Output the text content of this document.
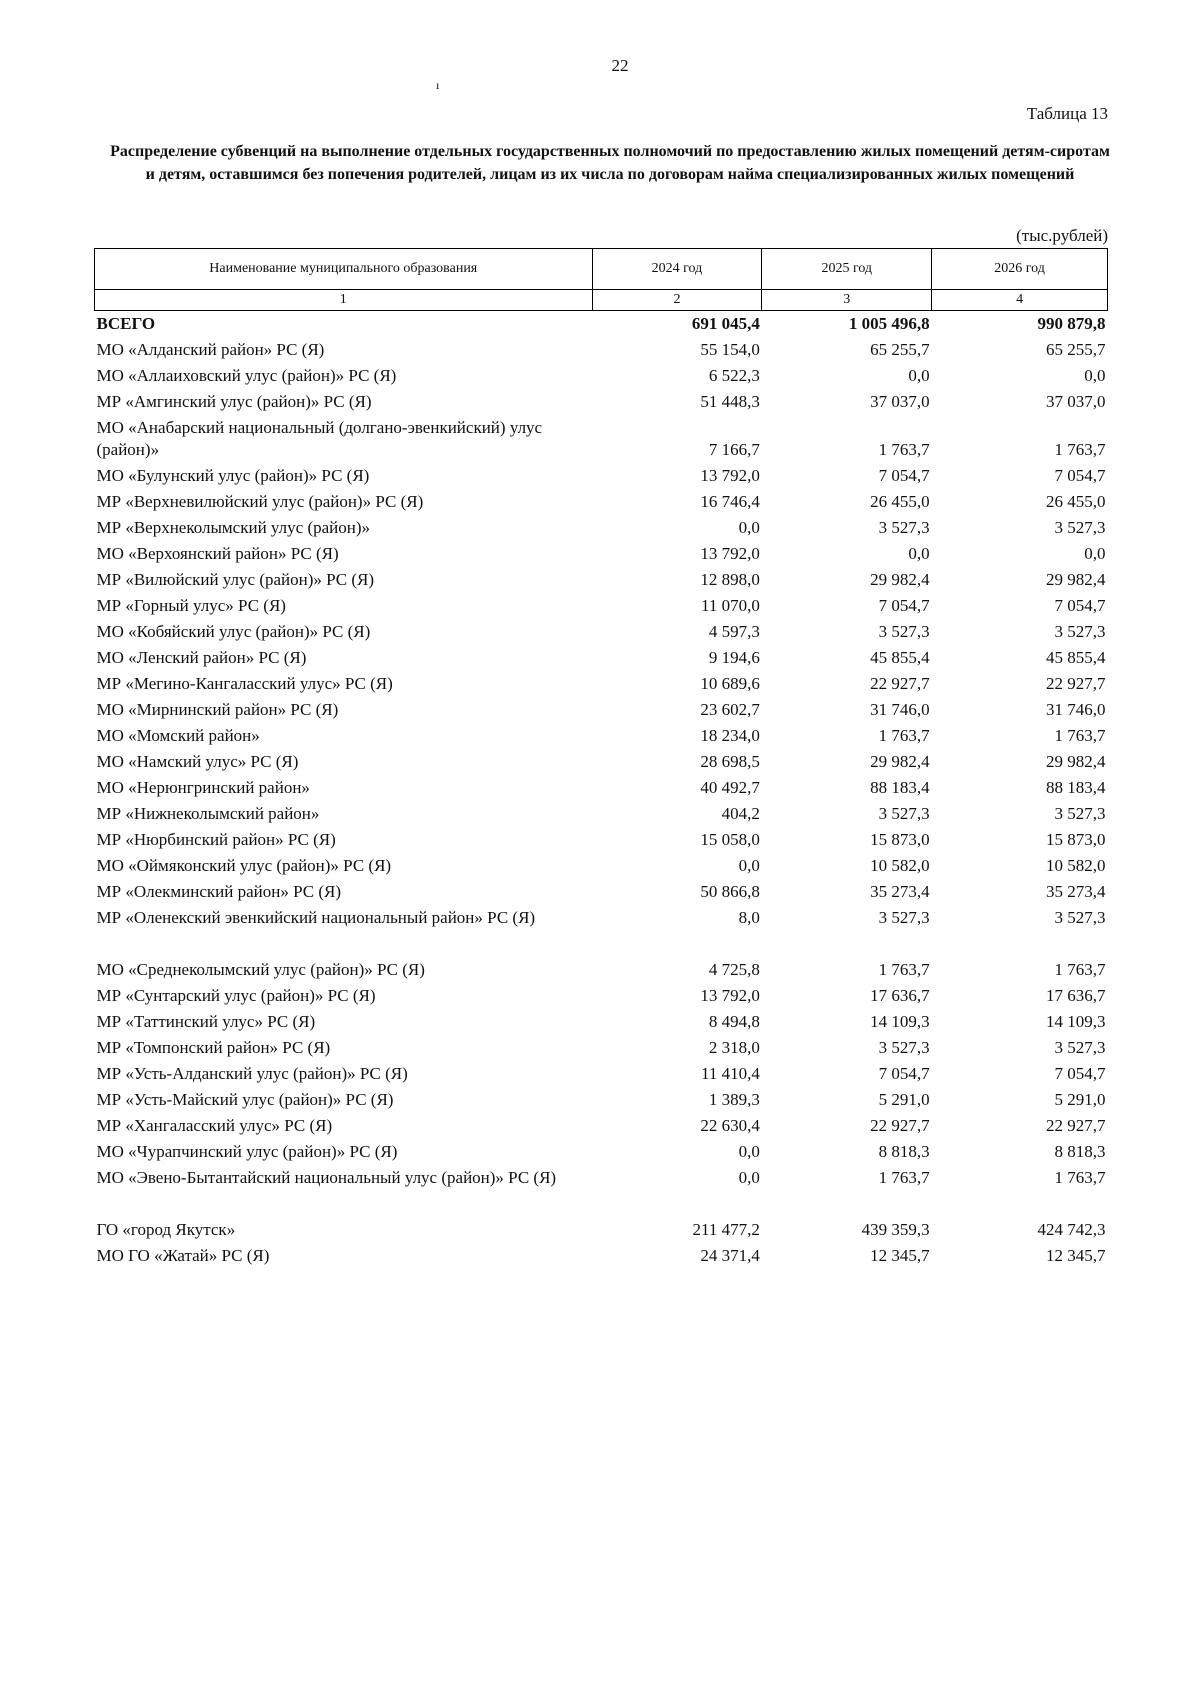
22
ı
Таблица 13
Распределение субвенций на выполнение отдельных государственных полномочий по предоставлению жилых помещений детям-сиротам и детям, оставшимся без попечения родителей, лицам из их числа по договорам найма специализированных жилых помещений
(тыс.рублей)
Наименование муниципального образования	2024 год	2025 год	2026 год
1	2	3	4
ВСЕГО	691 045,4	1 005 496,8	990 879,8
МО «Алданский район» РС (Я)	55 154,0	65 255,7	65 255,7
МО «Аллаиховский улус (район)» РС (Я)	6 522,3	0,0	0,0
МР «Амгинский улус (район)» РС (Я)	51 448,3	37 037,0	37 037,0
МО «Анабарский национальный (долгано-эвенкийский) улус (район)»	7 166,7	1 763,7	1 763,7
МО «Булунский улус (район)» РС (Я)	13 792,0	7 054,7	7 054,7
МР «Верхневилюйский улус (район)» РС (Я)	16 746,4	26 455,0	26 455,0
МР «Верхнеколымский улус (район)»	0,0	3 527,3	3 527,3
МО «Верхоянский район» РС (Я)	13 792,0	0,0	0,0
МР «Вилюйский улус (район)» РС (Я)	12 898,0	29 982,4	29 982,4
МР «Горный улус» РС (Я)	11 070,0	7 054,7	7 054,7
МО «Кобяйский улус (район)» РС (Я)	4 597,3	3 527,3	3 527,3
МО «Ленский район» РС (Я)	9 194,6	45 855,4	45 855,4
МР «Мегино-Кангаласский улус» РС (Я)	10 689,6	22 927,7	22 927,7
МО «Мирнинский район» РС (Я)	23 602,7	31 746,0	31 746,0
МО «Момский район»	18 234,0	1 763,7	1 763,7
МО «Намский улус» РС (Я)	28 698,5	29 982,4	29 982,4
МО «Нерюнгринский район»	40 492,7	88 183,4	88 183,4
МР «Нижнеколымский район»	404,2	3 527,3	3 527,3
МР «Нюрбинский район» РС (Я)	15 058,0	15 873,0	15 873,0
МО «Оймяконский улус (район)» РС (Я)	0,0	10 582,0	10 582,0
МР «Олекминский район» РС (Я)	50 866,8	35 273,4	35 273,4
МР «Оленекский эвенкийский национальный район» РС (Я)	8,0	3 527,3	3 527,3

МО «Среднеколымский улус (район)» РС (Я)	4 725,8	1 763,7	1 763,7
МР «Сунтарский улус (район)» РС (Я)	13 792,0	17 636,7	17 636,7
МР «Таттинский улус» РС (Я)	8 494,8	14 109,3	14 109,3
МР «Томпонский район» РС (Я)	2 318,0	3 527,3	3 527,3
МР «Усть-Алданский улус (район)» РС (Я)	11 410,4	7 054,7	7 054,7
МР «Усть-Майский улус (район)» РС (Я)	1 389,3	5 291,0	5 291,0
МР «Хангаласский улус» РС (Я)	22 630,4	22 927,7	22 927,7
МО «Чурапчинский улус (район)» РС (Я)	0,0	8 818,3	8 818,3
МО «Эвено-Бытантайский национальный улус (район)» РС (Я)	0,0	1 763,7	1 763,7

ГО «город Якутск»	211 477,2	439 359,3	424 742,3
МО ГО «Жатай» РС (Я)	24 371,4	12 345,7	12 345,7
